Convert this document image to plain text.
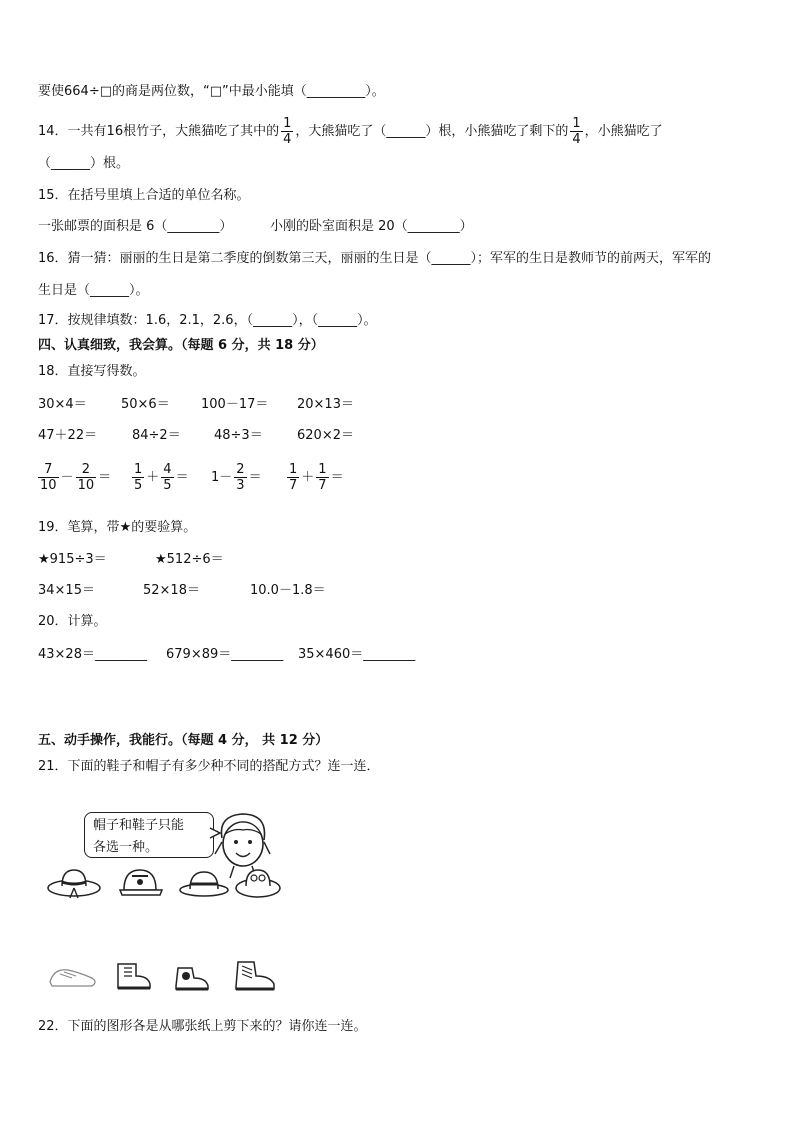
要使664÷□的商是两位数，“□”中最小能填（_________）。
14．一共有16根竹子，大熊猫吃了其中的 $\frac{1}{4}$ ，大熊猫吃了（______）根，小熊猫吃了剩下的 $\frac{1}{4}$ ，小熊猫吃了
（______）根。
15．在括号里填上合适的单位名称。
一张邮票的面积是 6（________）	小刚的卧室面积是 20（________）
16．猜一猜：丽丽的生日是第二季度的倒数第三天，丽丽的生日是（______）；军军的生日是教师节的前两天，军军的
生日是（______）。
17．按规律填数：1.6，2.1，2.6，（______），（______）。
四、认真细致，我会算。（每题 6 分，共 18 分）
18．直接写得数。
30×4＝	50×6＝ 100－17＝ 20×13＝
47＋22＝	84÷2＝	48÷3＝	620×2＝
$\frac{7}{10} - \frac{2}{10} = \frac{1}{5} + \frac{4}{5} = 1- \frac{2}{3} = \frac{1}{7} + \frac{1}{7}$ ＝
19．笔算，带★的要验算。
★915÷3＝	★512÷6＝
34×15＝	52×18＝	10.0－1.8＝
20．计算。
43×28＝________ 679×89＝________ 35×460＝________
五、动手操作，我能行。（每题 4 分， 共 12 分）
21．下面的鞋子和帽子有多少种不同的搭配方式？连一连．
帽子和鞋子只能
各选一种。
22．下面的图形各是从哪张纸上剪下来的？请你连一连。
